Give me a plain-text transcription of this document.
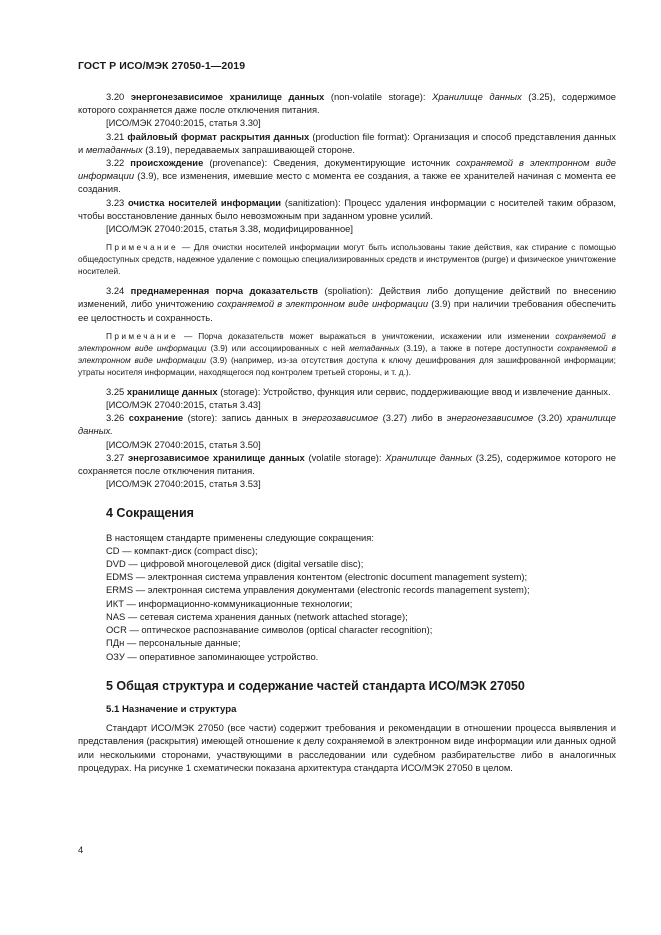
ГОСТ Р ИСО/МЭК 27050-1—2019

3.20 энергонезависимое хранилище данных (non-volatile storage): Хранилище данных (3.25), содержимое которого сохраняется даже после отключения питания.

[ИСО/МЭК 27040:2015, статья 3.30]

3.21 файловый формат раскрытия данных (production file format): Организация и способ представления данных и метаданных (3.19), передаваемых запрашивающей стороне.

3.22 происхождение (provenance): Сведения, документирующие источник сохраняемой в электронном виде информации (3.9), все изменения, имевшие место с момента ее создания, а также ее хранителей начиная с момента ее создания.

3.23 очистка носителей информации (sanitization): Процесс удаления информации с носителей таким образом, чтобы восстановление данных было невозможным при заданном уровне усилий.

[ИСО/МЭК 27040:2015, статья 3.38, модифицированное]

Примечание — Для очистки носителей информации могут быть использованы такие действия, как стирание с помощью общедоступных средств, надежное удаление с помощью специализированных средств и инструментов (purge) и физическое уничтожение носителей.

3.24 преднамеренная порча доказательств (spoliation): Действия либо допущение действий по внесению изменений, либо уничтожению сохраняемой в электронном виде информации (3.9) при наличии требования обеспечить ее целостность и сохранность.

Примечание — Порча доказательств может выражаться в уничтожении, искажении или изменении сохраняемой в электронном виде информации (3.9) или ассоциированных с ней метаданных (3.19), а также в потере доступности сохраняемой в электронном виде информации (3.9) (например, из-за отсутствия доступа к ключу дешифрования для зашифрованной информации; утраты носителя информации, находящегося под контролем третьей стороны, и т. д.).

3.25 хранилище данных (storage): Устройство, функция или сервис, поддерживающие ввод и извлечение данных.

[ИСО/МЭК 27040:2015, статья 3.43]

3.26 сохранение (store): запись данных в энергозависимое (3.27) либо в энергонезависимое (3.20) хранилище данных.

[ИСО/МЭК 27040:2015, статья 3.50]

3.27 энергозависимое хранилище данных (volatile storage): Хранилище данных (3.25), содержимое которого не сохраняется после отключения питания.

[ИСО/МЭК 27040:2015, статья 3.53]

4 Сокращения

В настоящем стандарте применены следующие сокращения:

CD — компакт-диск (compact disc);

DVD — цифровой многоцелевой диск (digital versatile disc);

EDMS — электронная система управления контентом (electronic document management system);

ERMS — электронная система управления документами (electronic records management system);

ИКТ — информационно-коммуникационные технологии;

NAS — сетевая система хранения данных (network attached storage);

OCR — оптическое распознавание символов (optical character recognition);

ПДн — персональные данные;

ОЗУ — оперативное запоминающее устройство.

5 Общая структура и содержание частей стандарта ИСО/МЭК 27050
5.1 Назначение и структура

Стандарт ИСО/МЭК 27050 (все части) содержит требования и рекомендации в отношении процесса выявления и представления (раскрытия) имеющей отношение к делу сохраняемой в электронном виде информации или данных одной или несколькими сторонами, участвующими в расследовании или судебном разбирательстве либо в аналогичных процедурах. На рисунке 1 схематически показана архитектура стандарта ИСО/МЭК 27050 в целом.

4
